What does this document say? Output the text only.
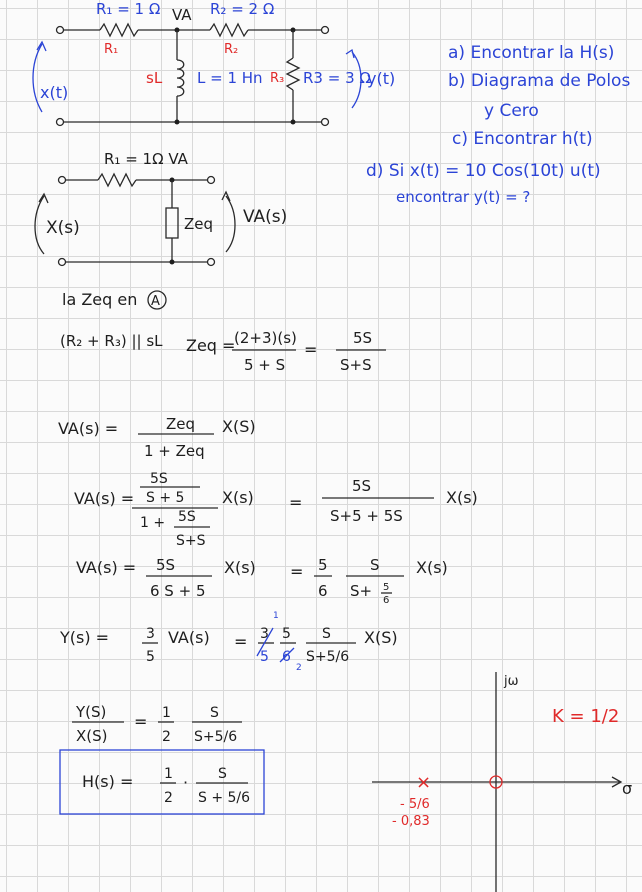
R₁ = 1 Ω
R₁
VA R₂ = 2 Ω
R₂
sL L = 1 Hn R₃ R3 = 3 Ω
x(t)
y(t)
a) Encontrar la H(s)
b) Diagrama de Polos
y Cero
c) Encontrar h(t)
d) Si x(t) = 10 Cos(10t) u(t)
encontrar y(t) = ?
R₁ = 1Ω VA
X(s)	Zeq VA(s)
la Zeq en A
(R₂ + R₃) || sL Zeq =
(2+3)(s)
5 + S
=
5S
S+S
VA(s) =	Zeq
1 + Zeq
X(S)
VA(s) =
5S
S + 5
1 + 5S
S+S
X(s) =
5S
S+5 + 5S
X(s)
VA(s) = 5S
6 S + 5
X(s) = 5
6
S
S+ 5
6
X(s)
Y(s) =	3
5
VA(s) =
1
3
5
5
6
2
S
S+5/6
X(S)
Y(S)
X(S)
= 1
2
S
S+5/6
H(s) = 1
2
· S
S + 5/6
jω
σ
×
- 5/6
- 0,83
K = 1/2
